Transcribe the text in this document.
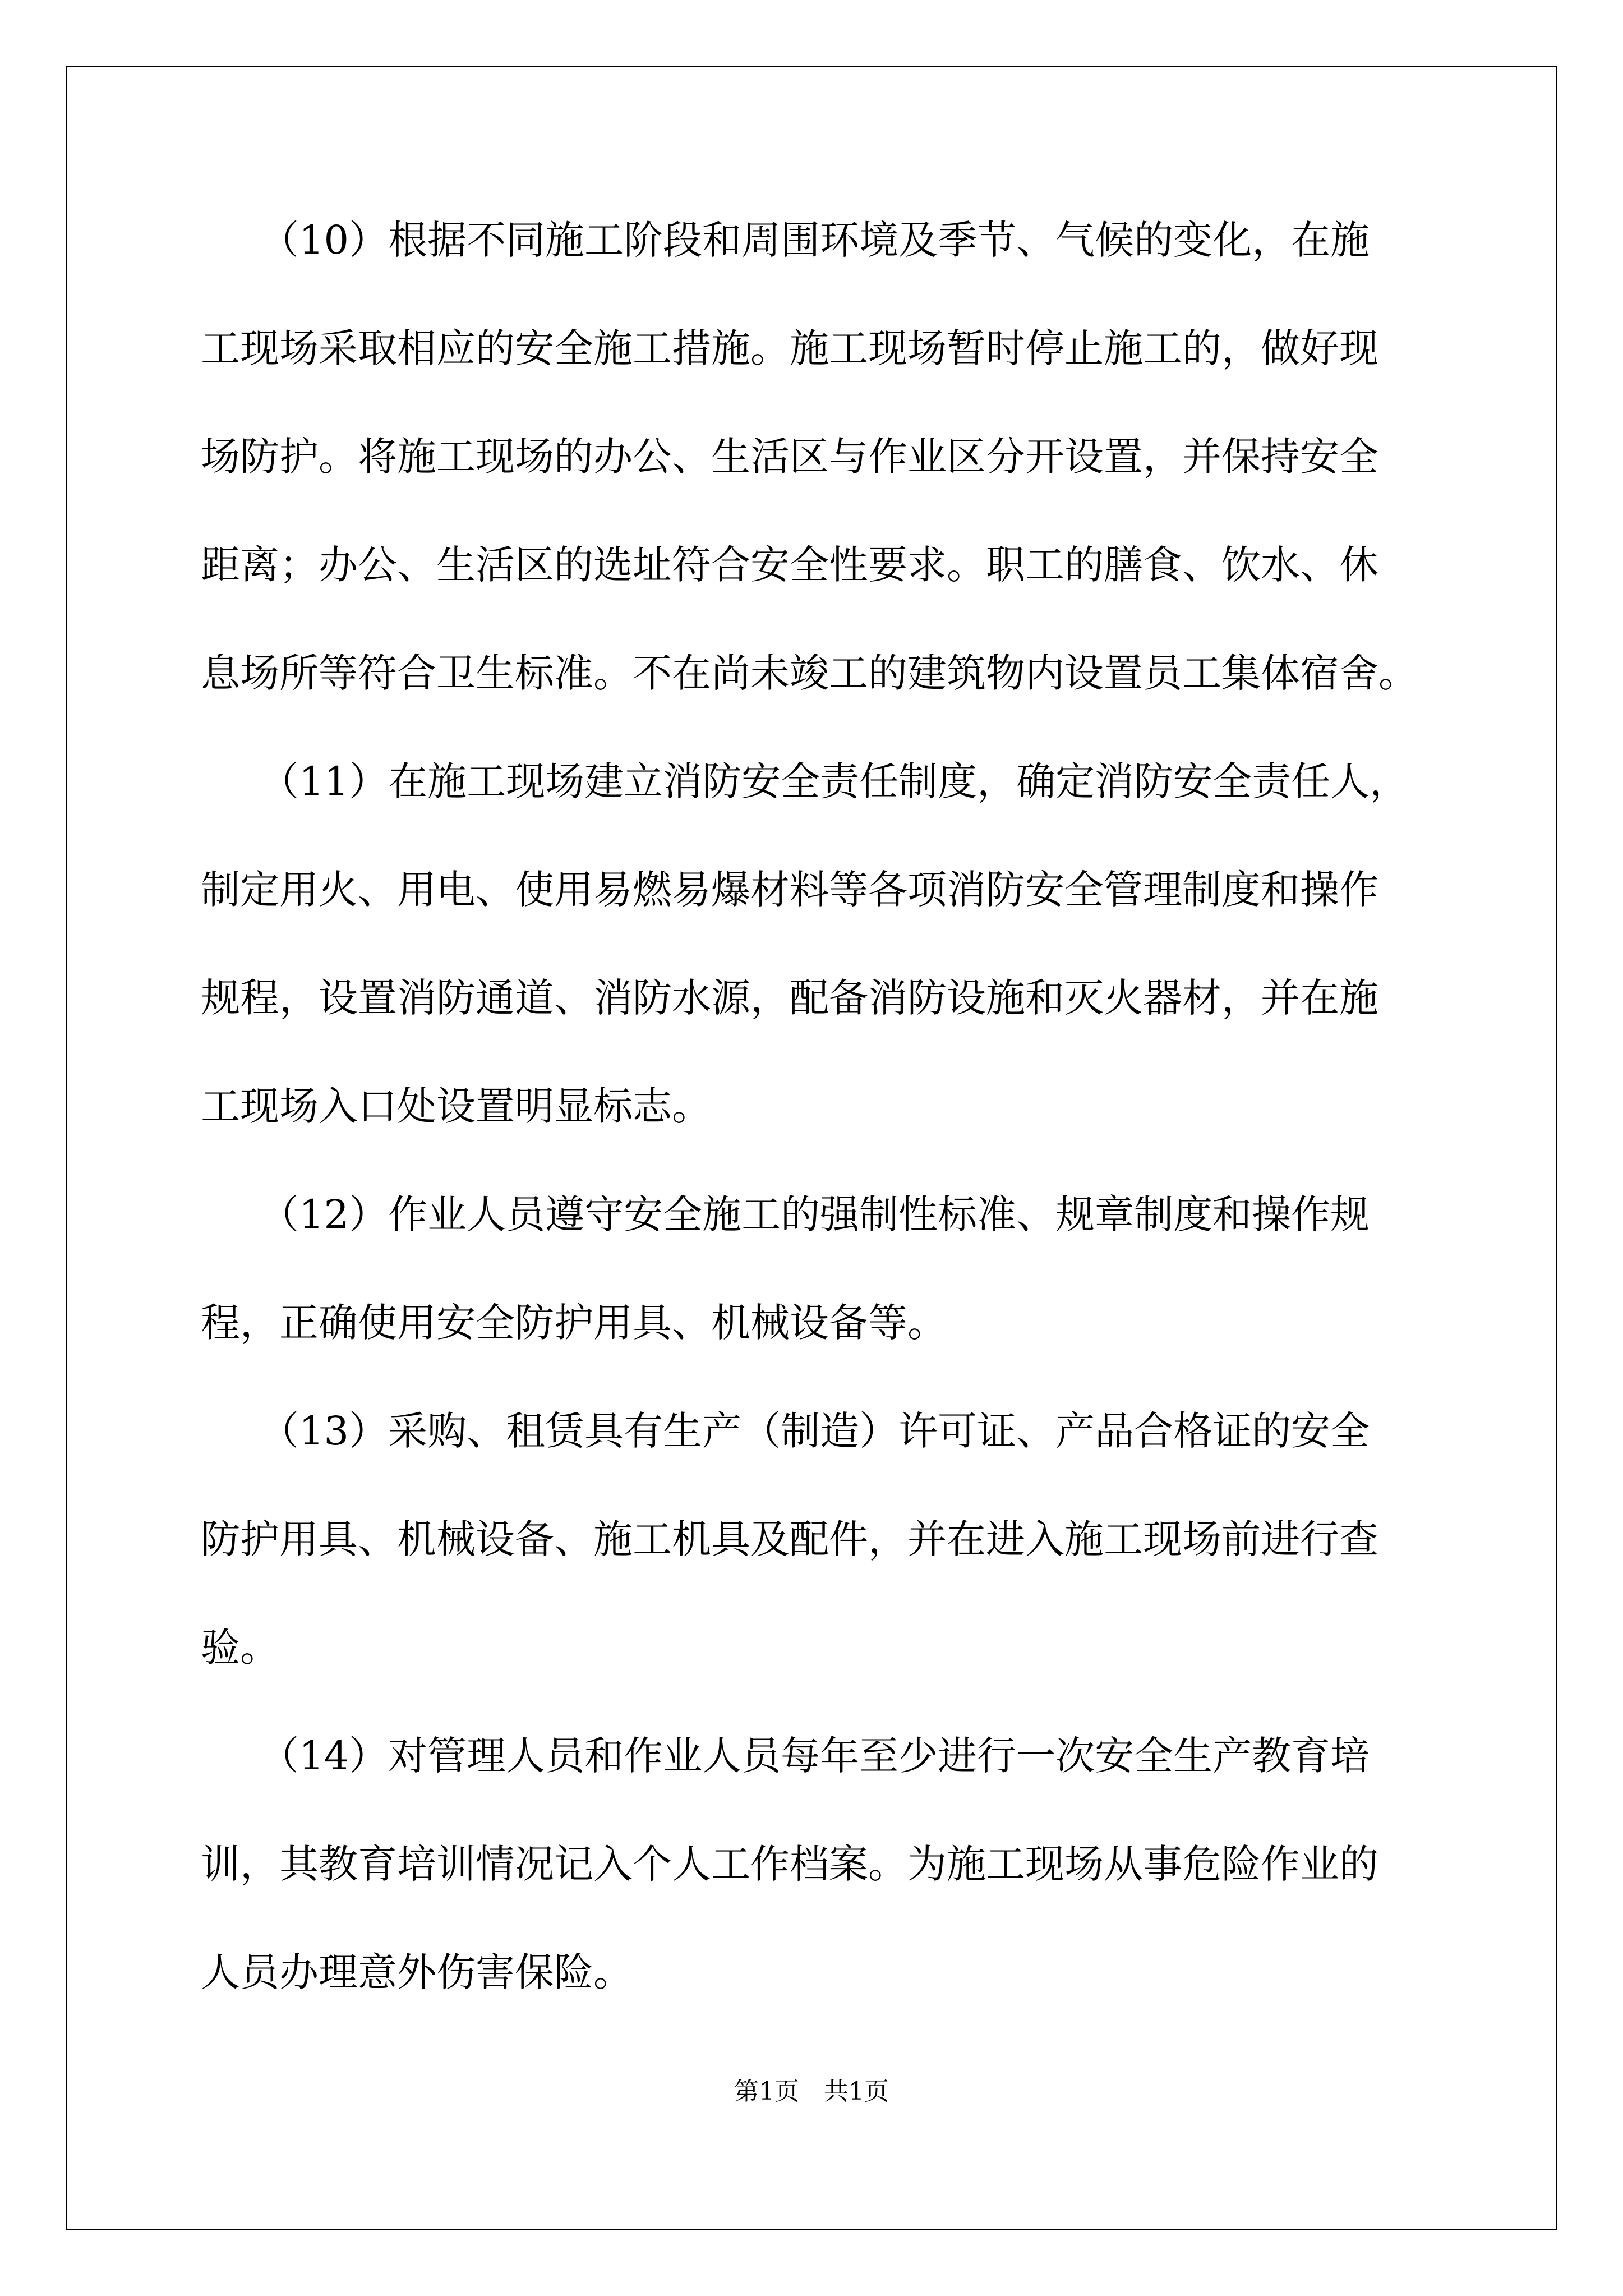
　　（10）根据不同施工阶段和周围环境及季节、气候的变化，在施
工现场采取相应的安全施工措施。施工现场暂时停止施工的，做好现
场防护。将施工现场的办公、生活区与作业区分开设置，并保持安全
距离；办公、生活区的选址符合安全性要求。职工的膳食、饮水、休
息场所等符合卫生标准。不在尚未竣工的建筑物内设置员工集体宿舍。
　　（11）在施工现场建立消防安全责任制度，确定消防安全责任人，
制定用火、用电、使用易燃易爆材料等各项消防安全管理制度和操作
规程，设置消防通道、消防水源，配备消防设施和灭火器材，并在施
工现场入口处设置明显标志。
　　（12）作业人员遵守安全施工的强制性标准、规章制度和操作规
程，正确使用安全防护用具、机械设备等。
　　（13）采购、租赁具有生产（制造）许可证、产品合格证的安全
防护用具、机械设备、施工机具及配件，并在进入施工现场前进行查
验。
　　（14）对管理人员和作业人员每年至少进行一次安全生产教育培
训，其教育培训情况记入个人工作档案。为施工现场从事危险作业的
人员办理意外伤害保险。
第1页　共1页
